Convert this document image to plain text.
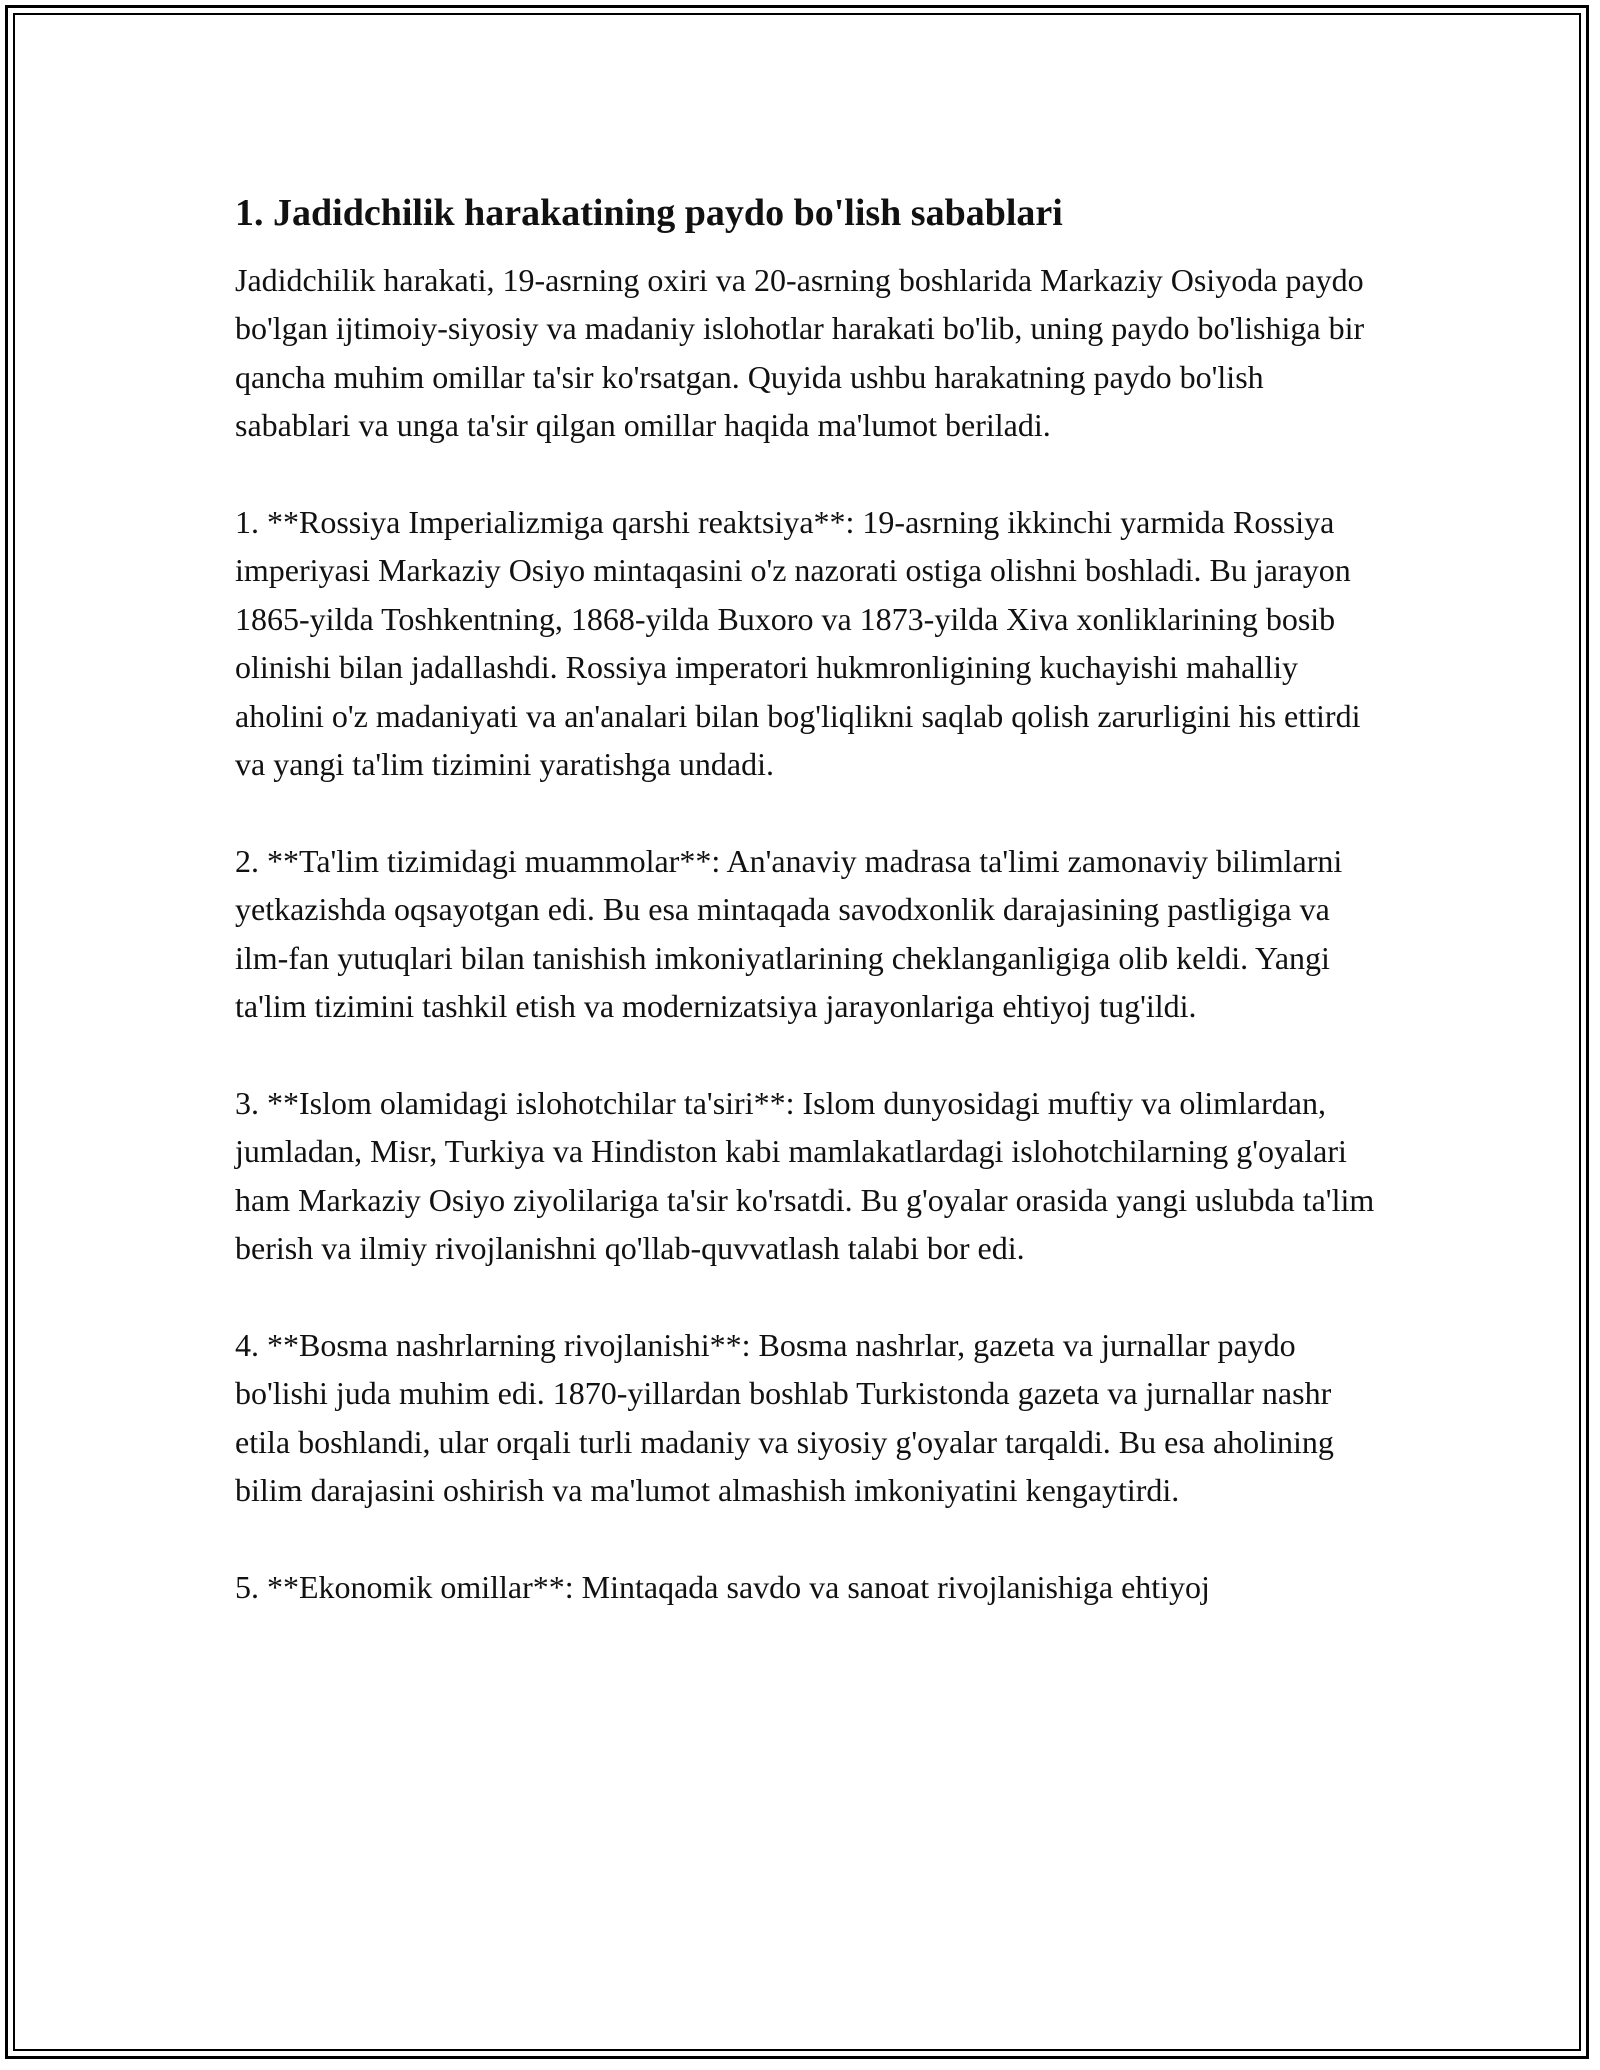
1. Jadidchilik harakatining paydo bo'lish sabablari

Jadidchilik harakati, 19-asrning oxiri va 20-asrning boshlarida Markaziy Osiyoda paydo bo'lgan ijtimoiy-siyosiy va madaniy islohotlar harakati bo'lib, uning paydo bo'lishiga bir qancha muhim omillar ta'sir ko'rsatgan. Quyida ushbu harakatning paydo bo'lish sabablari va unga ta'sir qilgan omillar haqida ma'lumot beriladi.

1. **Rossiya Imperializmiga qarshi reaktsiya**: 19-asrning ikkinchi yarmida Rossiya imperiyasi Markaziy Osiyo mintaqasini o'z nazorati ostiga olishni boshladi. Bu jarayon 1865-yilda Toshkentning, 1868-yilda Buxoro va 1873-yilda Xiva xonliklarining bosib olinishi bilan jadallashdi. Rossiya imperatori hukmronligining kuchayishi mahalliy aholini o'z madaniyati va an'analari bilan bog'liqlikni saqlab qolish zarurligini his ettirdi va yangi ta'lim tizimini yaratishga undadi.

2. **Ta'lim tizimidagi muammolar**: An'anaviy madrasa ta'limi zamonaviy bilimlarni yetkazishda oqsayotgan edi. Bu esa mintaqada savodxonlik darajasining pastligiga va ilm-fan yutuqlari bilan tanishish imkoniyatlarining cheklanganligiga olib keldi. Yangi ta'lim tizimini tashkil etish va modernizatsiya jarayonlariga ehtiyoj tug'ildi.

3. **Islom olamidagi islohotchilar ta'siri**: Islom dunyosidagi muftiy va olimlardan, jumladan, Misr, Turkiya va Hindiston kabi mamlakatlardagi islohotchilarning g'oyalari ham Markaziy Osiyo ziyolilariga ta'sir ko'rsatdi. Bu g'oyalar orasida yangi uslubda ta'lim berish va ilmiy rivojlanishni qo'llab-quvvatlash talabi bor edi.

4. **Bosma nashrlarning rivojlanishi**: Bosma nashrlar, gazeta va jurnallar paydo bo'lishi juda muhim edi. 1870-yillardan boshlab Turkistonda gazeta va jurnallar nashr etila boshlandi, ular orqali turli madaniy va siyosiy g'oyalar tarqaldi. Bu esa aholining bilim darajasini oshirish va ma'lumot almashish imkoniyatini kengaytirdi.

5. **Ekonomik omillar**: Mintaqada savdo va sanoat rivojlanishiga ehtiyoj
